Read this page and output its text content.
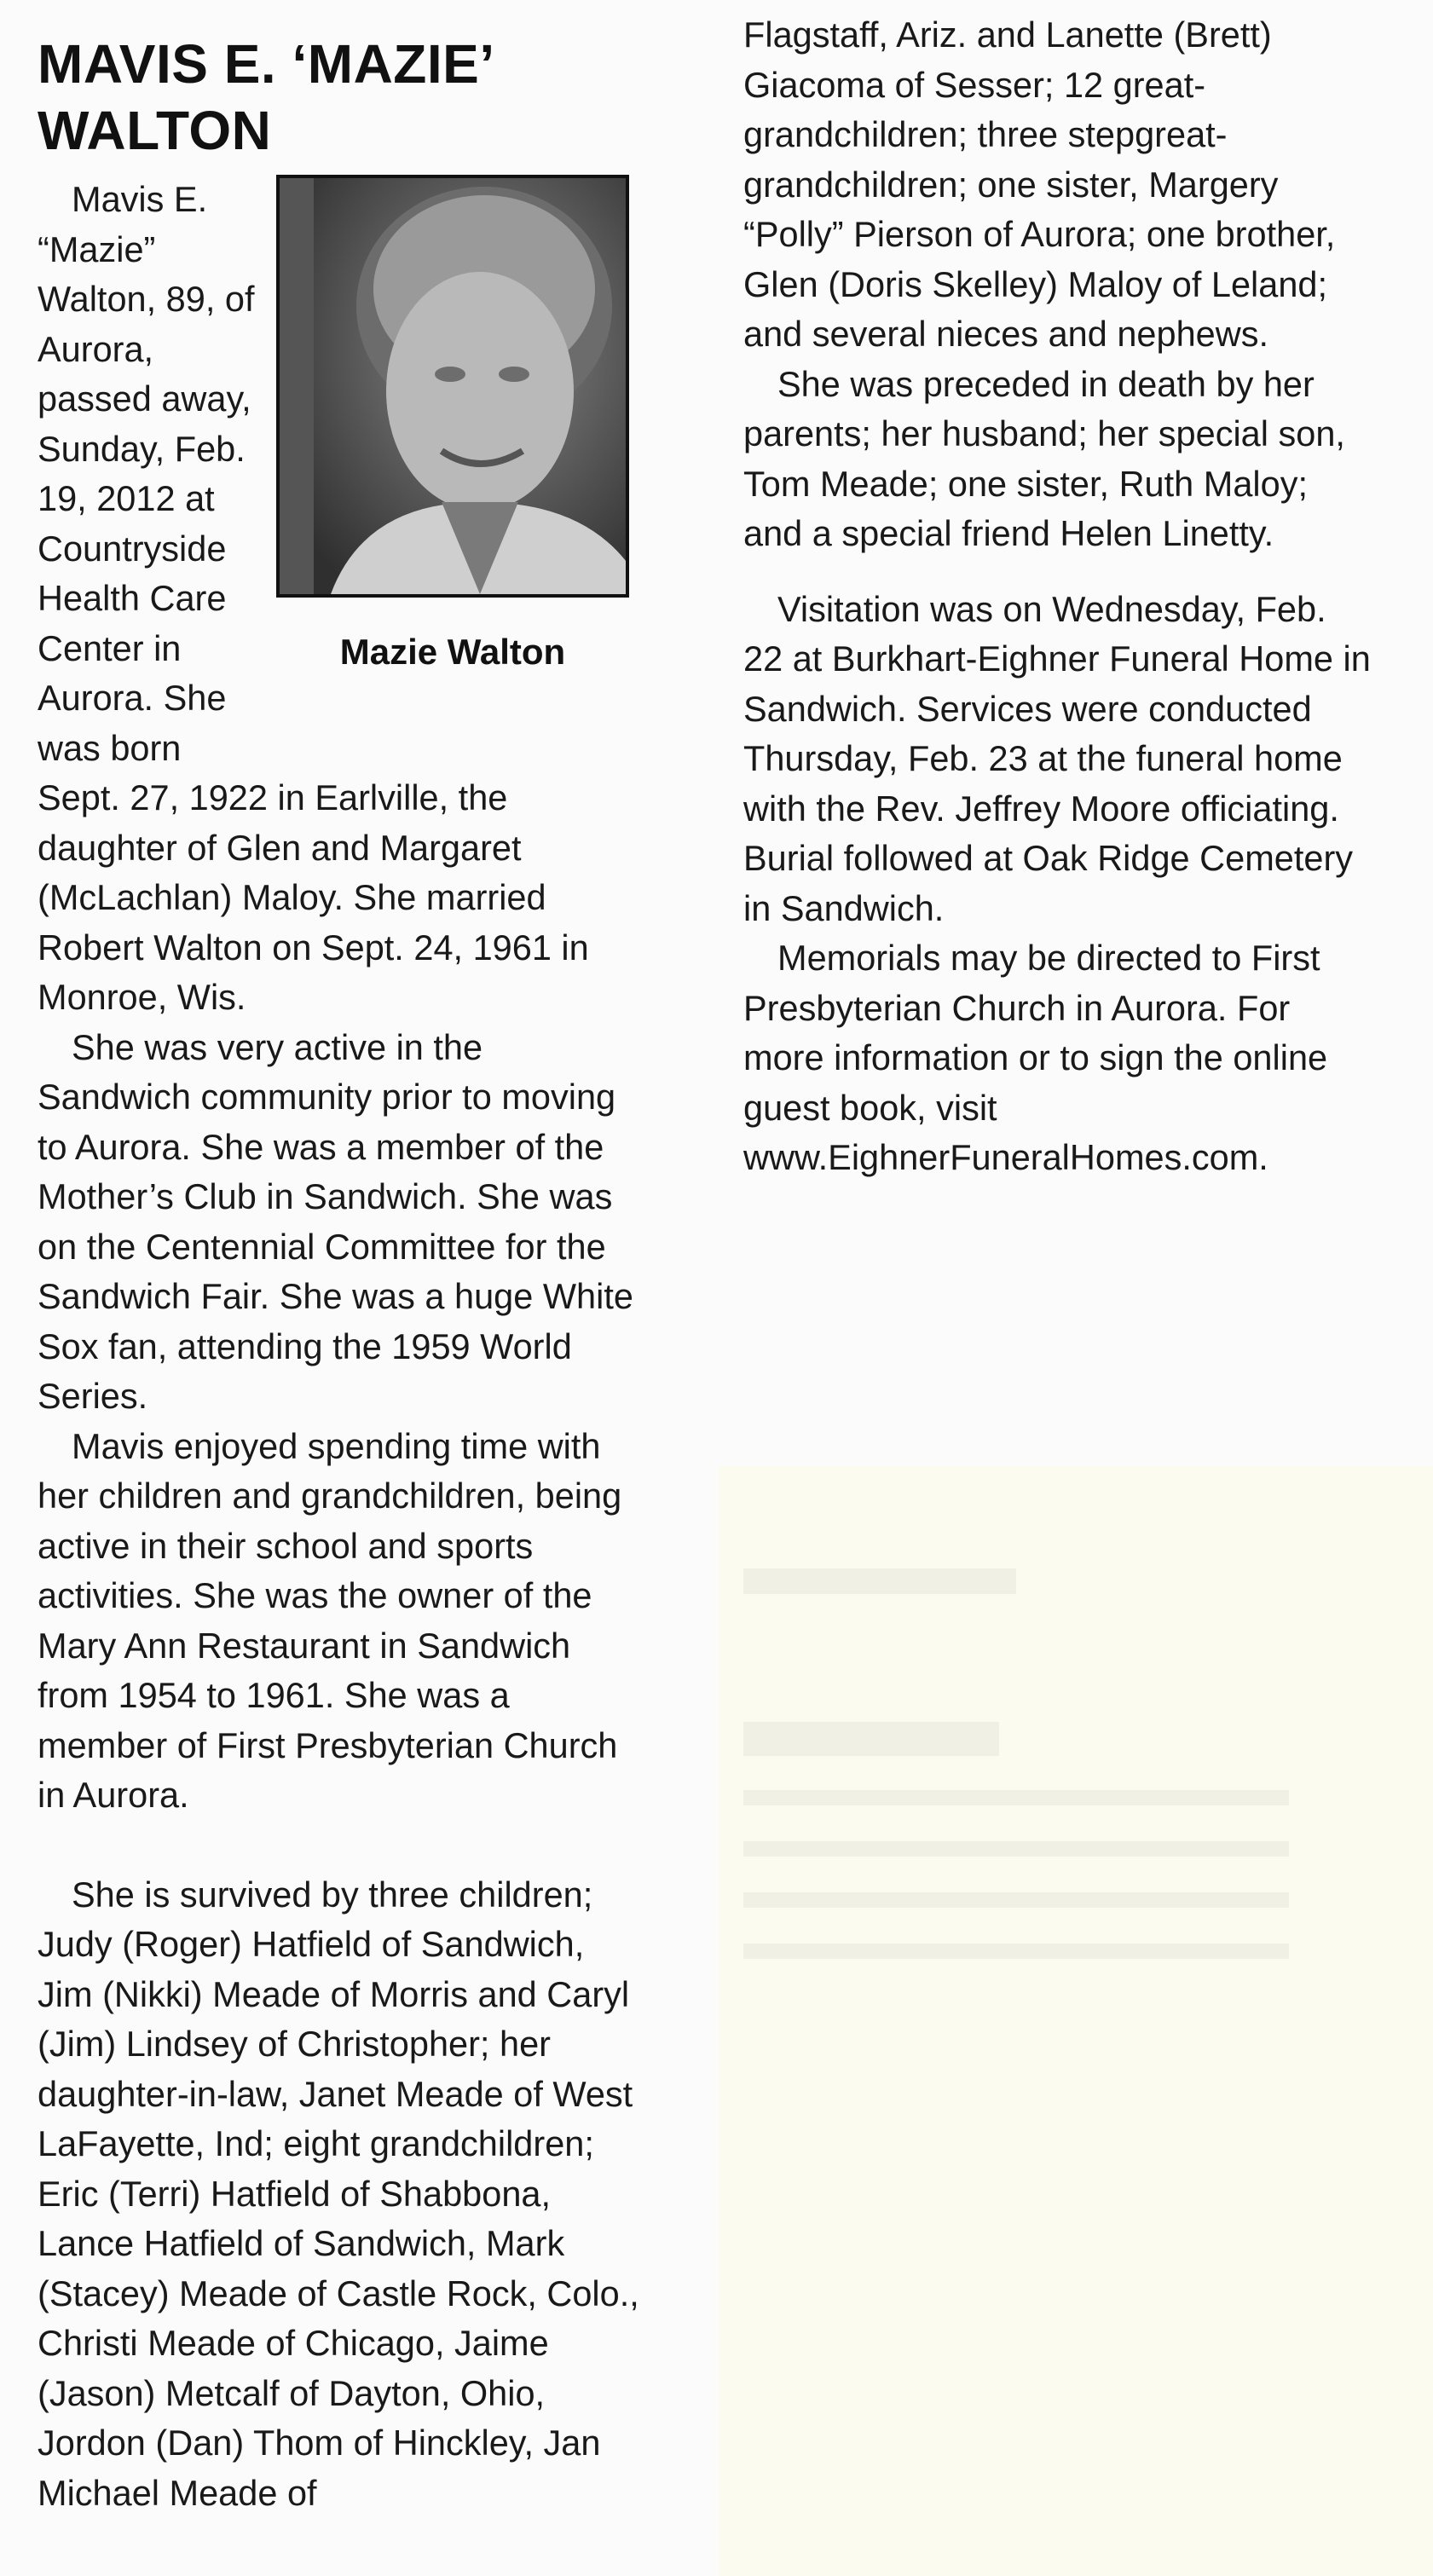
MAVIS E. ‘MAZIE’ WALTON

Mazie Walton
Mavis E. “Mazie” Walton, 89, of Aurora, passed away, Sunday, Feb. 19, 2012 at Countryside Health Care Center in Aurora. She was born Sept. 27, 1922 in Earlville, the daughter of Glen and Margaret (McLachlan) Maloy. She married Robert Walton on Sept. 24, 1961 in Monroe, Wis.

She was very active in the Sandwich community prior to moving to Aurora. She was a member of the Mother’s Club in Sandwich. She was on the Centennial Committee for the Sandwich Fair. She was a huge White Sox fan, attending the 1959 World Series.

Mavis enjoyed spending time with her children and grandchildren, being active in their school and sports activities. She was the owner of the Mary Ann Restaurant in Sandwich from 1954 to 1961. She was a member of First Presbyterian Church in Aurora.

She is survived by three children; Judy (Roger) Hatfield of Sandwich, Jim (Nikki) Meade of Morris and Caryl (Jim) Lindsey of Christopher; her daughter-in-law, Janet Meade of West LaFayette, Ind; eight grandchildren; Eric (Terri) Hatfield of Shabbona, Lance Hatfield of Sandwich, Mark (Stacey) Meade of Castle Rock, Colo., Christi Meade of Chicago, Jaime (Jason) Metcalf of Dayton, Ohio, Jordon (Dan) Thom of Hinckley, Jan Michael Meade of

Flagstaff, Ariz. and Lanette (Brett) Giacoma of Sesser; 12 great-grandchildren; three stepgreat-grandchildren; one sister, Margery “Polly” Pierson of Aurora; one brother, Glen (Doris Skelley) Maloy of Leland; and several nieces and nephews.

She was preceded in death by her parents; her husband; her special son, Tom Meade; one sister, Ruth Maloy; and a special friend Helen Linetty.

Visitation was on Wednesday, Feb. 22 at Burkhart-Eighner Funeral Home in Sandwich. Services were conducted Thursday, Feb. 23 at the funeral home with the Rev. Jeffrey Moore officiating. Burial followed at Oak Ridge Cemetery in Sandwich.

Memorials may be directed to First Presbyterian Church in Aurora. For more information or to sign the online guest book, visit www.EighnerFuneralHomes.com.
